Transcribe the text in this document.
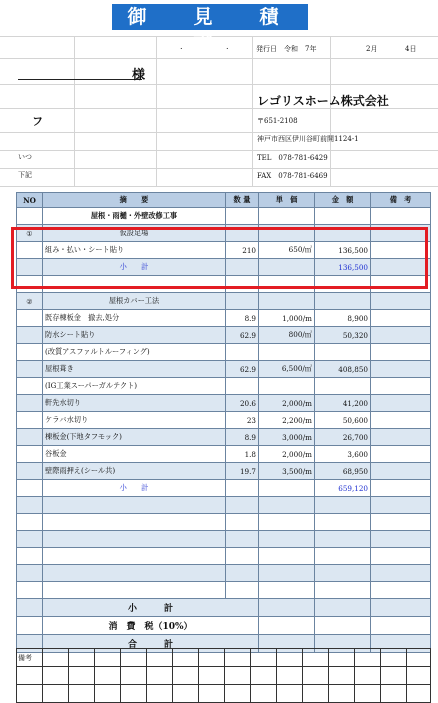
御　見　積　書
.	.	発行日　令和　7年	2月	4日
様
フ
いつ
下記
レゴリスホーム株式会社
〒651-2108
神戸市西区伊川谷町前開1124-1
TEL　078-781-6429
FAX　078-781-6469
NO	摘　　要	数 量	単　価	金　額	備　考
	屋根・雨樋・外壁改修工事				
①	仮設足場				
	組み・払い・シート貼り	210	650/㎡	136,500	
	小　　計			136,500	

②	屋根カバー工法				
	既存棟板金　撤去,処分	8.9	1,000/m	8,900	
	防水シート貼り	62.9	800/㎡	50,320	
	(改質アスファルトルーフィング)				
	屋根葺き	62.9	6,500/㎡	408,850	
	(IG工業スーパーガルテクト)				
	軒先水切り	20.6	2,000/m	41,200	
	ケラバ水切り	23	2,200/m	50,600	
	棟板金(下地タフモック)	8.9	3,000/m	26,700	
	谷板金	1.8	2,000/m	3,600	
	壁際雨押え(シール共)	19.7	3,500/m	68,950	
	小　　計			659,120	

	小　　　計				
	消　費　税（10%）				
	合　　　計				
備考															
